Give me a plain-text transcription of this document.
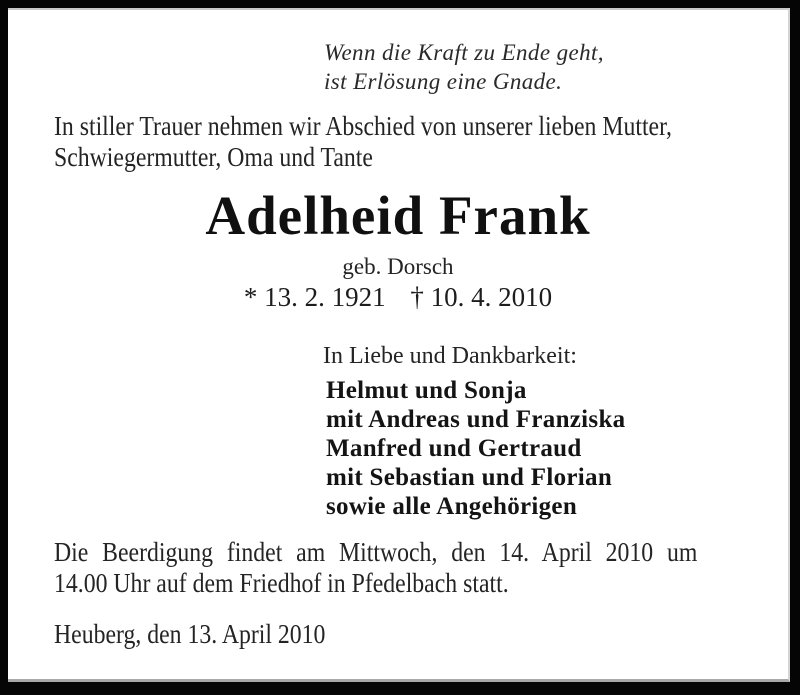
Wenn die Kraft zu Ende geht,
ist Erlösung eine Gnade.
In stiller Trauer nehmen wir Abschied von unserer lieben Mutter,
Schwiegermutter, Oma und Tante
Adelheid Frank
geb. Dorsch
* 13. 2. 1921 † 10. 4. 2010
In Liebe und Dankbarkeit:
Helmut und Sonja
mit Andreas und Franziska
Manfred und Gertraud
mit Sebastian und Florian
sowie alle Angehörigen
Die Beerdigung findet am Mittwoch, den 14. April 2010 um
14.00 Uhr auf dem Friedhof in Pfedelbach statt.
Heuberg, den 13. April 2010
